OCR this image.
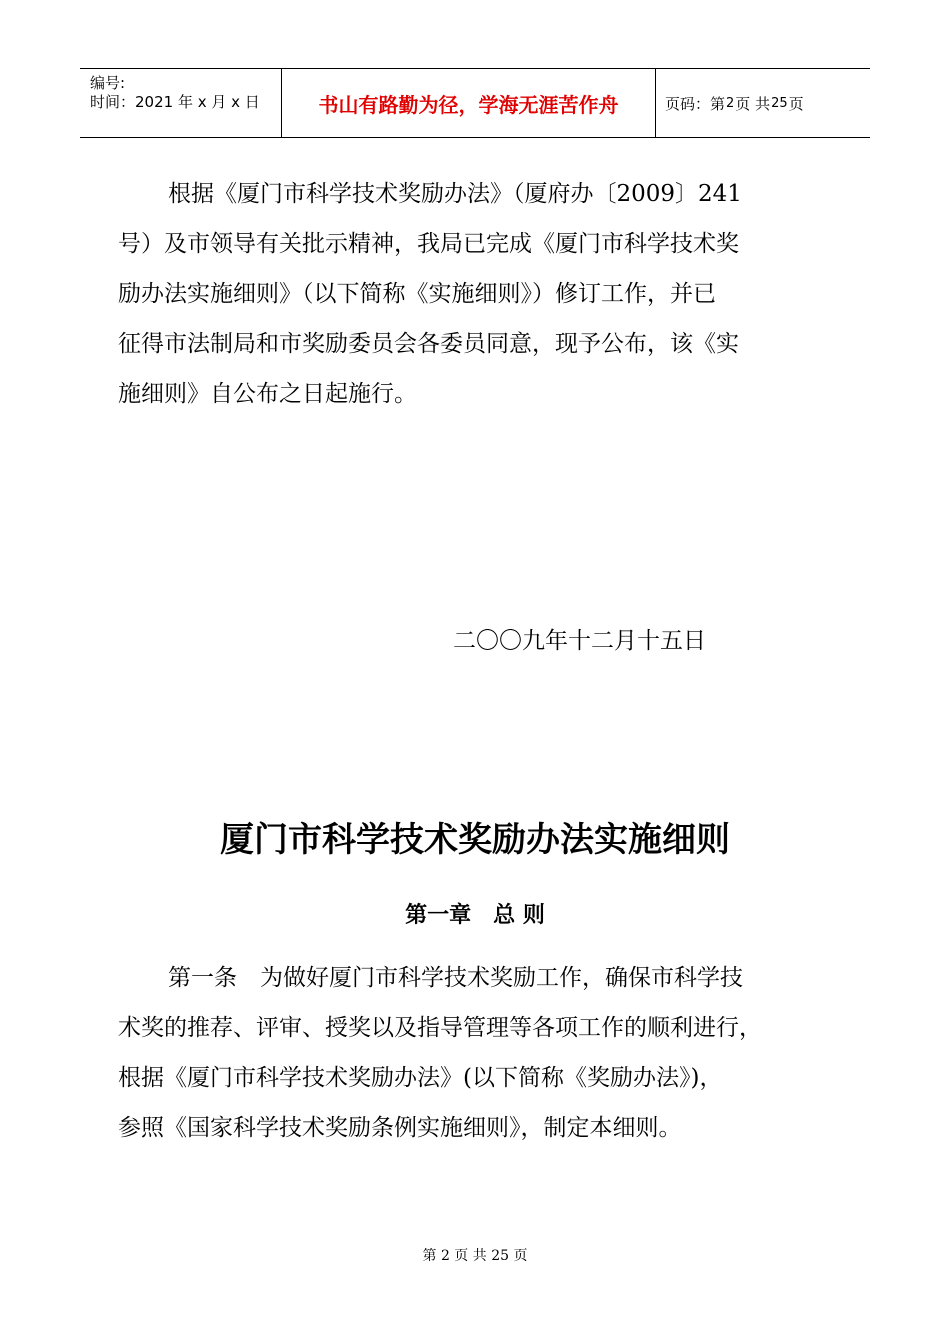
编号:
时间：2021 年 x 月 x 日	书山有路勤为径，学海无涯苦作舟	页码：第 2 页 共 25 页
根据《厦门市科学技术奖励办法》（厦府办〔2009〕241
号）及市领导有关批示精神，我局已完成《厦门市科学技术奖
励办法实施细则》（以下简称《实施细则》）修订工作，并已
征得市法制局和市奖励委员会各委员同意，现予公布，该《实
施细则》自公布之日起施行。
二〇〇九年十二月十五日
厦门市科学技术奖励办法实施细则
第一章 总 则
第一条　为做好厦门市科学技术奖励工作，确保市科学技
术奖的推荐、评审、授奖以及指导管理等各项工作的顺利进行，
根据《厦门市科学技术奖励办法》(以下简称《奖励办法》)，
参照《国家科学技术奖励条例实施细则》，制定本细则。
第 2 页 共 25 页
